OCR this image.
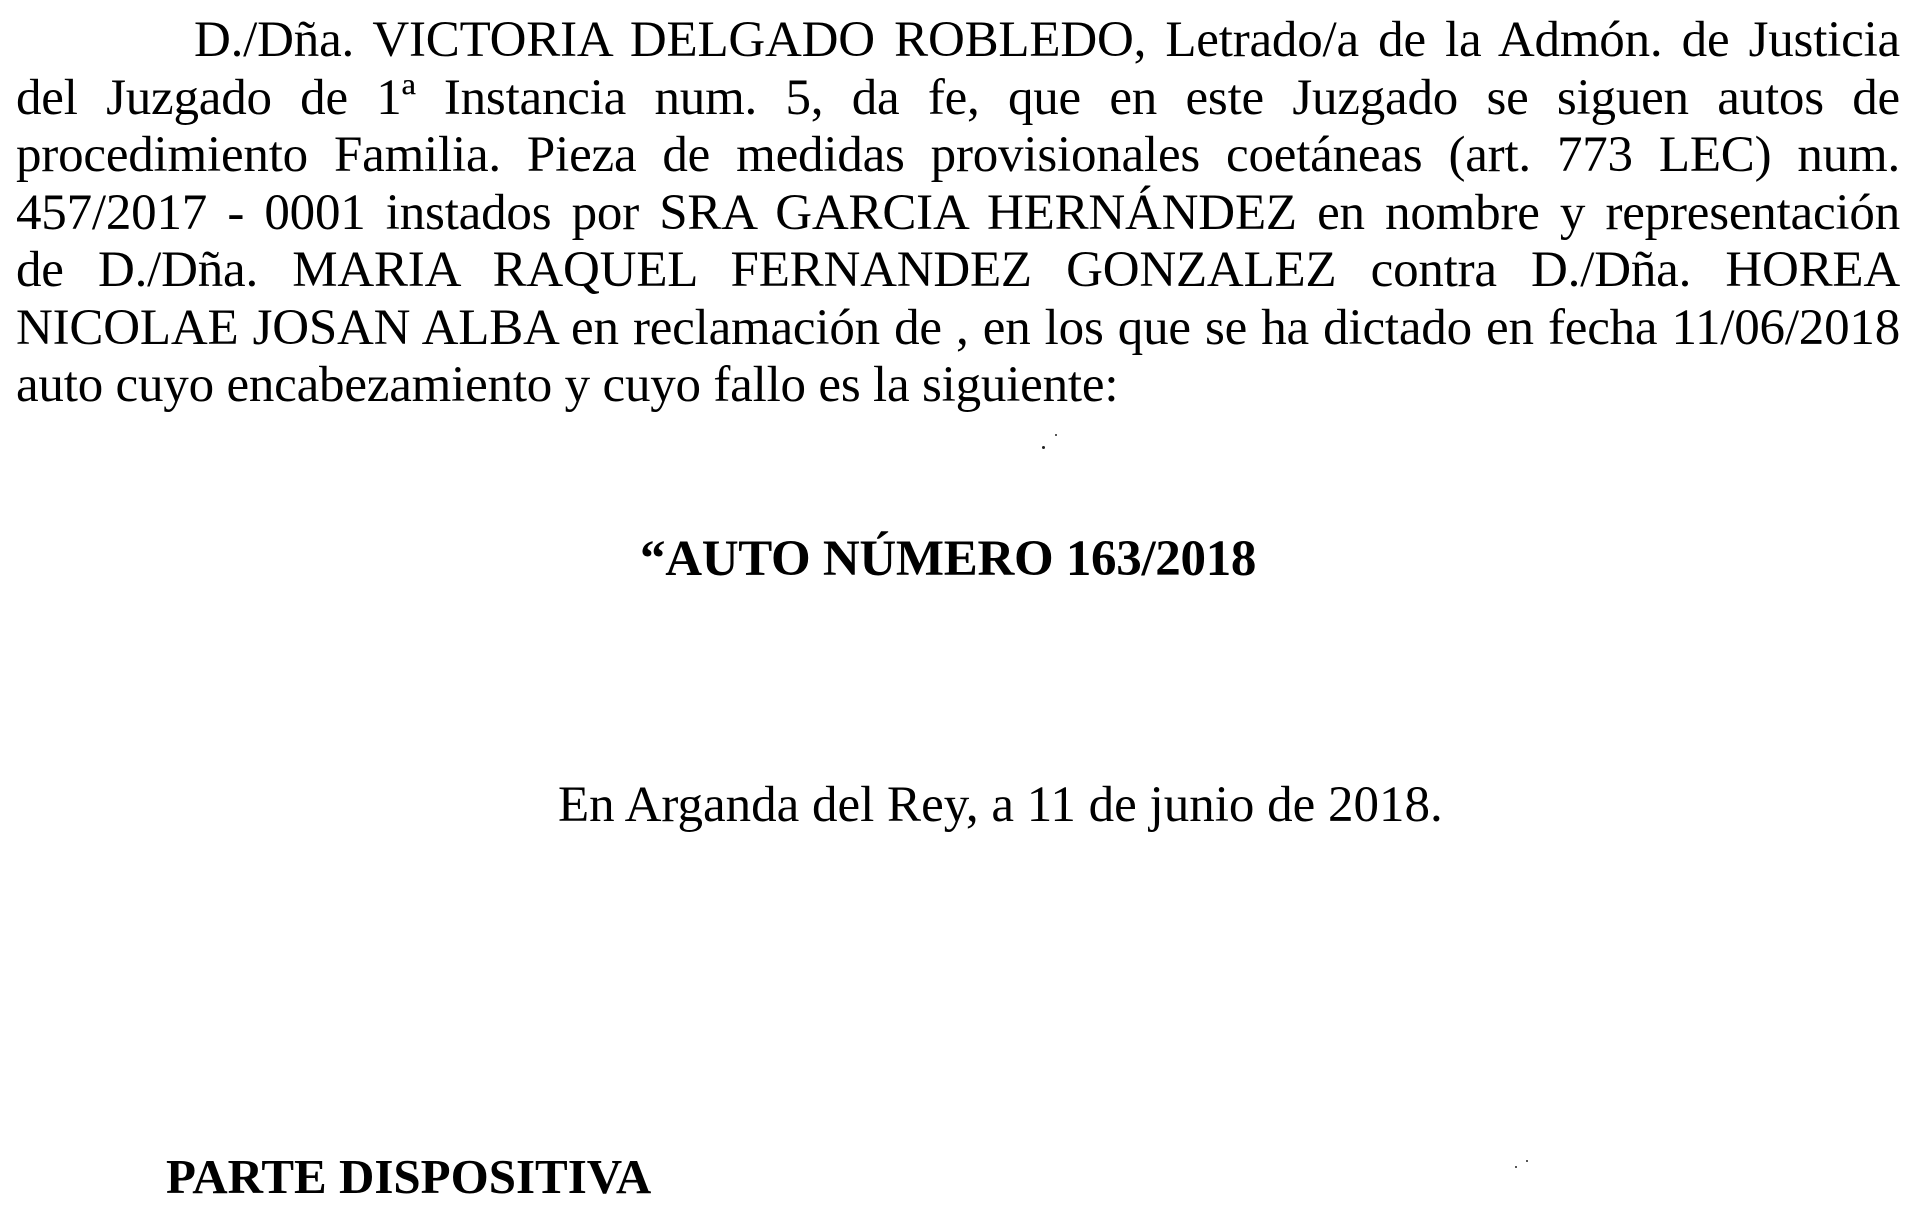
D./Dña. VICTORIA DELGADO ROBLEDO, Letrado/a de la Admón. de Justicia
del Juzgado de 1ª Instancia num. 5, da fe, que en este Juzgado se siguen autos de
procedimiento Familia. Pieza de medidas provisionales coetáneas (art. 773 LEC) num.
457/2017 - 0001 instados por SRA GARCIA HERNÁNDEZ en nombre y representación
de D./Dña. MARIA RAQUEL FERNANDEZ GONZALEZ contra D./Dña. HOREA
NICOLAE JOSAN ALBA en reclamación de , en los que se ha dictado en fecha 11/06/2018
auto cuyo encabezamiento y cuyo fallo es la siguiente:
“AUTO NÚMERO 163/2018
En Arganda del Rey, a 11 de junio de 2018.
PARTE DISPOSITIVA
